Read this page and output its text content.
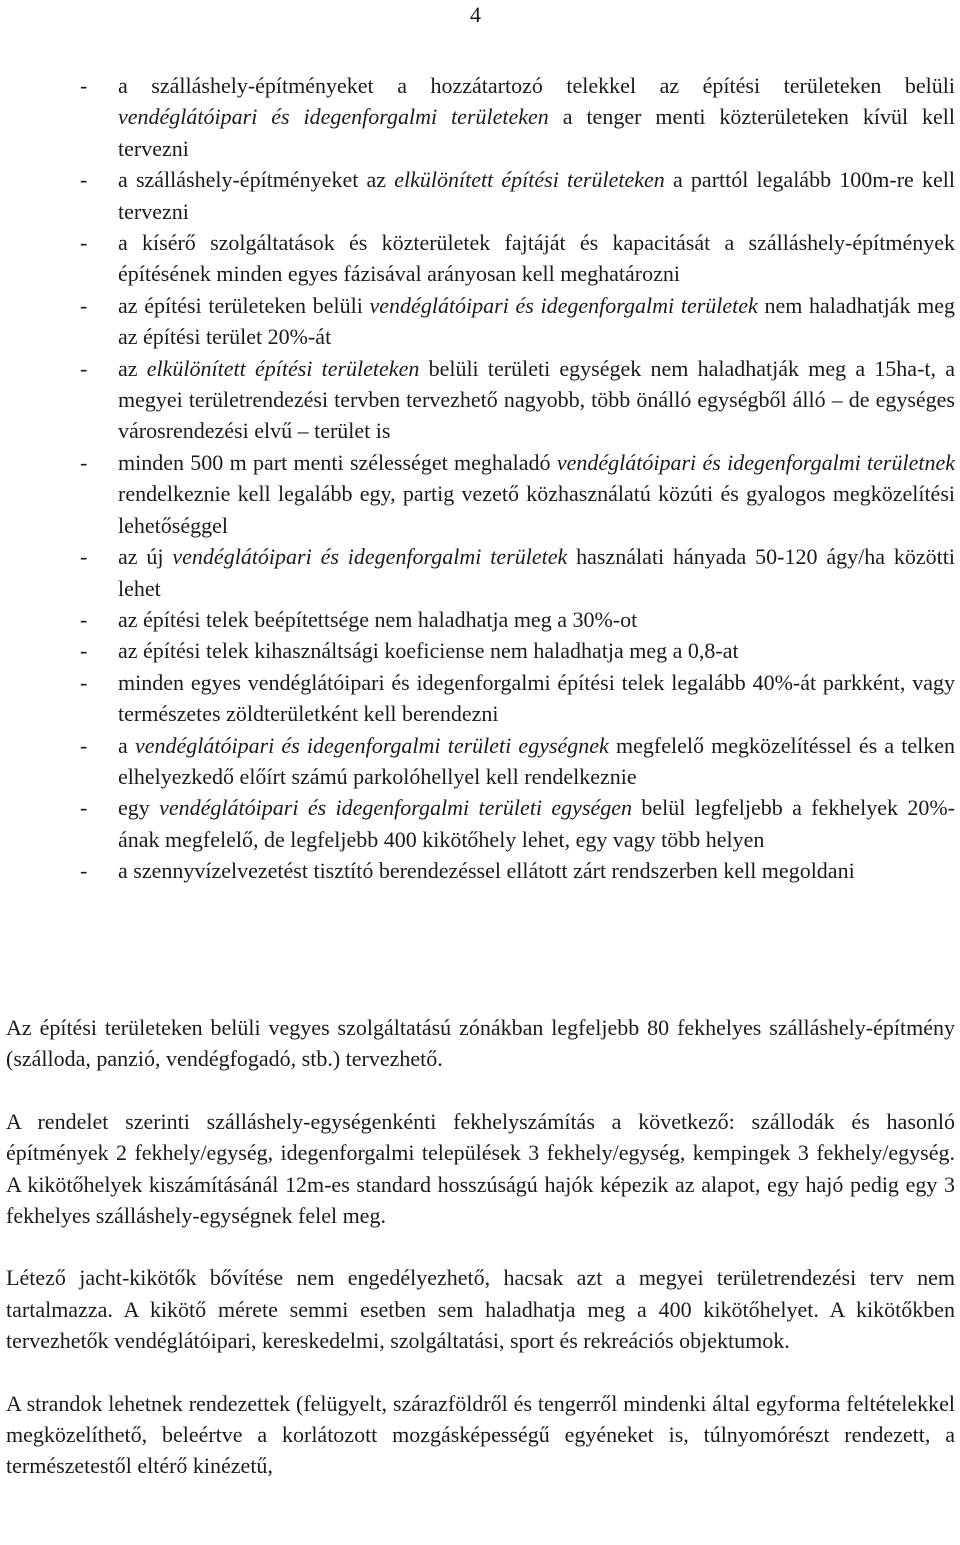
4
- a szálláshely-építményeket a hozzátartozó telekkel az építési területeken belüli vendéglátóipari és idegenforgalmi területeken a tenger menti közterületeken kívül kell tervezni
- a szálláshely-építményeket az elkülönített építési területeken a parttól legalább 100m-re kell tervezni
- a kísérő szolgáltatások és közterületek fajtáját és kapacitását a szálláshely-építmények építésének minden egyes fázisával arányosan kell meghatározni
- az építési területeken belüli vendéglátóipari és idegenforgalmi területek nem haladhatják meg az építési terület 20%-át
- az elkülönített építési területeken belüli területi egységek nem haladhatják meg a 15ha-t, a megyei területrendezési tervben tervezhető nagyobb, több önálló egységből álló – de egységes városrendezési elvű – terület is
- minden 500 m part menti szélességet meghaladó vendéglátóipari és idegenforgalmi területnek rendelkeznie kell legalább egy, partig vezető közhasználatú közúti és gyalogos megközelítési lehetőséggel
- az új vendéglátóipari és idegenforgalmi területek használati hányada 50-120 ágy/ha közötti lehet
- az építési telek beépítettsége nem haladhatja meg a 30%-ot
- az építési telek kihasználtsági koeficiense nem haladhatja meg a 0,8-at
- minden egyes vendéglátóipari és idegenforgalmi építési telek legalább 40%-át parkként, vagy természetes zöldterületként kell berendezni
- a vendéglátóipari és idegenforgalmi területi egységnek megfelelő megközelítéssel és a telken elhelyezkedő előírt számú parkolóhellyel kell rendelkeznie
- egy vendéglátóipari és idegenforgalmi területi egységen belül legfeljebb a fekhelyek 20%-ának megfelelő, de legfeljebb 400 kikötőhely lehet, egy vagy több helyen
- a szennyvízelvezetést tisztító berendezéssel ellátott zárt rendszerben kell megoldani

Az építési területeken belüli vegyes szolgáltatású zónákban legfeljebb 80 fekhelyes szálláshely-építmény (szálloda, panzió, vendégfogadó, stb.) tervezhető.

A rendelet szerinti szálláshely-egységenkénti fekhelyszámítás a következő: szállodák és hasonló építmények 2 fekhely/egység, idegenforgalmi települések 3 fekhely/egység, kempingek 3 fekhely/egység. A kikötőhelyek kiszámításánál 12m-es standard hosszúságú hajók képezik az alapot, egy hajó pedig egy 3 fekhelyes szálláshely-egységnek felel meg.

Létező jacht-kikötők bővítése nem engedélyezhető, hacsak azt a megyei területrendezési terv nem tartalmazza. A kikötő mérete semmi esetben sem haladhatja meg a 400 kikötőhelyet. A kikötőkben tervezhetők vendéglátóipari, kereskedelmi, szolgáltatási, sport és rekreációs objektumok.

A strandok lehetnek rendezettek (felügyelt, szárazföldről és tengerről mindenki által egyforma feltételekkel megközelíthető, beleértve a korlátozott mozgásképességű egyéneket is, túlnyomórészt rendezett, a természetestől eltérő kinézetű,
